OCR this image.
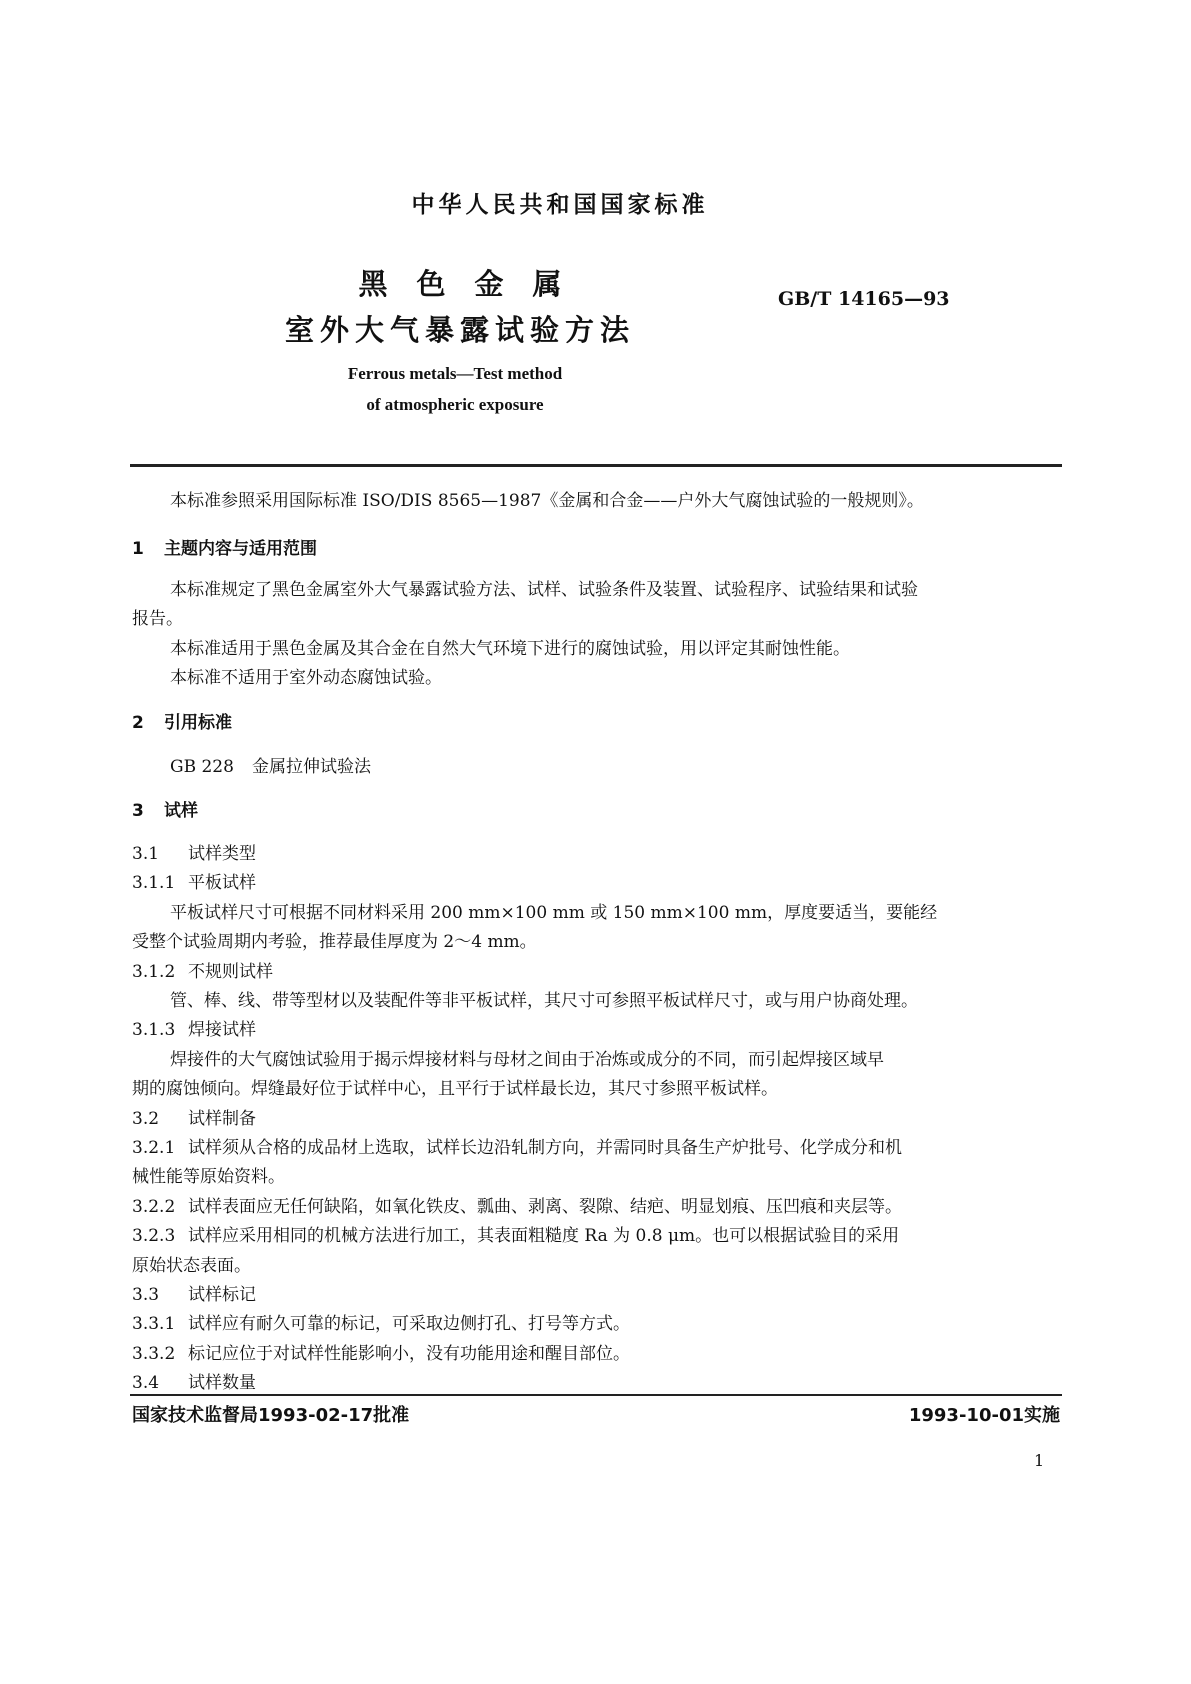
中华人民共和国国家标准
黑　色　金　属
室外大气暴露试验方法
GB/T 14165—93
Ferrous metals—Test method
of atmospheric exposure
本标准参照采用国际标准 ISO/DIS 8565—1987《金属和合金——户外大气腐蚀试验的一般规则》。
1 主题内容与适用范围
本标准规定了黑色金属室外大气暴露试验方法、试样、试验条件及装置、试验程序、试验结果和试验
报告。
本标准适用于黑色金属及其合金在自然大气环境下进行的腐蚀试验，用以评定其耐蚀性能。
本标准不适用于室外动态腐蚀试验。
2 引用标准
GB 228 金属拉伸试验法
3 试样
3.1 试样类型
3.1.1 平板试样
平板试样尺寸可根据不同材料采用 200 mm×100 mm 或 150 mm×100 mm，厚度要适当，要能经
受整个试验周期内考验，推荐最佳厚度为 2～4 mm。
3.1.2 不规则试样
管、棒、线、带等型材以及装配件等非平板试样，其尺寸可参照平板试样尺寸，或与用户协商处理。
3.1.3 焊接试样
焊接件的大气腐蚀试验用于揭示焊接材料与母材之间由于冶炼或成分的不同，而引起焊接区域早
期的腐蚀倾向。焊缝最好位于试样中心，且平行于试样最长边，其尺寸参照平板试样。
3.2 试样制备
3.2.1 试样须从合格的成品材上选取，试样长边沿轧制方向，并需同时具备生产炉批号、化学成分和机
械性能等原始资料。
3.2.2 试样表面应无任何缺陷，如氧化铁皮、瓢曲、剥离、裂隙、结疤、明显划痕、压凹痕和夹层等。
3.2.3 试样应采用相同的机械方法进行加工，其表面粗糙度 Ra 为 0.8 μm。也可以根据试验目的采用
原始状态表面。
3.3 试样标记
3.3.1 试样应有耐久可靠的标记，可采取边侧打孔、打号等方式。
3.3.2 标记应位于对试样性能影响小，没有功能用途和醒目部位。
3.4 试样数量
国家技术监督局1993-02-17批准	1993-10-01实施
1
